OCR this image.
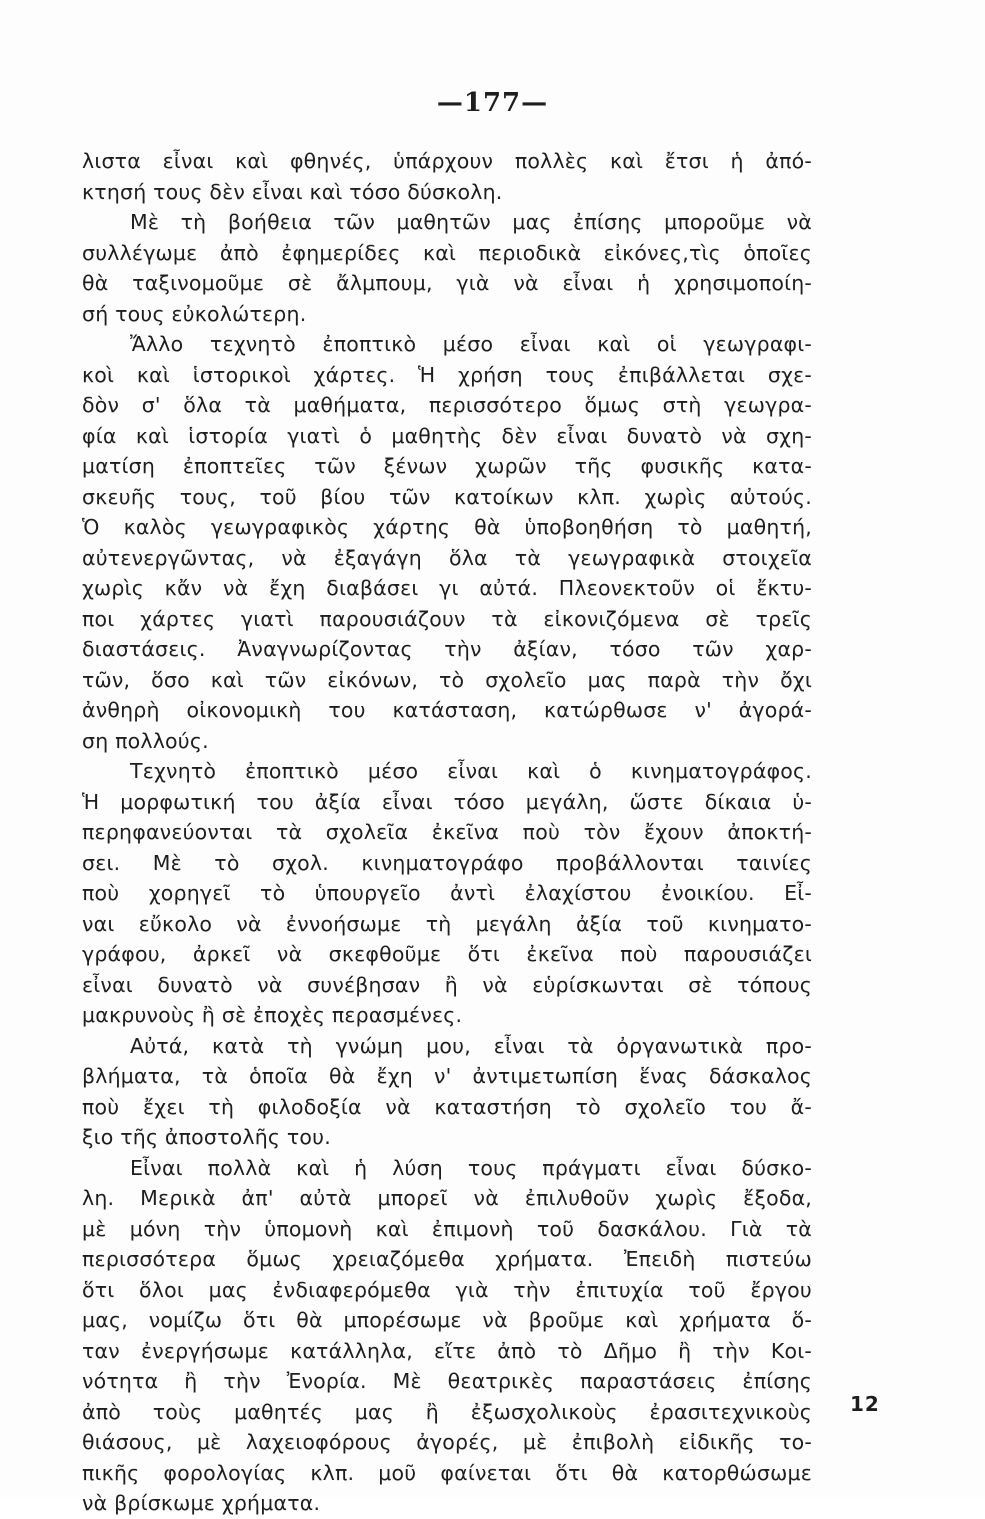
—177—
λιστα εἶναι καὶ φθηνές, ὑπάρχουν πολλὲς καὶ ἔτσι ἡ ἀπό-
κτησή τους δὲν εἶναι καὶ τόσο δύσκολη.
Μὲ τὴ βοήθεια τῶν μαθητῶν μας ἐπίσης μποροῦμε νὰ
συλλέγωμε ἀπὸ ἐφημερίδες καὶ περιοδικὰ εἰκόνες,τὶς ὁποῖες
θὰ ταξινομοῦμε σὲ ἄλμπουμ, γιὰ νὰ εἶναι ἡ χρησιμοποίη-
σή τους εὐκολώτερη.
Ἄλλο τεχνητὸ ἐποπτικὸ μέσο εἶναι καὶ οἱ γεωγραφι-
κοὶ καὶ ἱστορικοὶ χάρτες. Ἡ χρήση τους ἐπιβάλλεται σχε-
δὸν σ' ὅλα τὰ μαθήματα, περισσότερο ὅμως στὴ γεωγρα-
φία καὶ ἱστορία γιατὶ ὁ μαθητὴς δὲν εἶναι δυνατὸ νὰ σχη-
ματίση ἐποπτεῖες τῶν ξένων χωρῶν τῆς φυσικῆς κατα-
σκευῆς τους, τοῦ βίου τῶν κατοίκων κλπ. χωρὶς αὐτούς.
Ὁ καλὸς γεωγραφικὸς χάρτης θὰ ὑποβοηθήση τὸ μαθητή,
αὐτενεργῶντας, νὰ ἐξαγάγη ὅλα τὰ γεωγραφικὰ στοιχεῖα
χωρὶς κἄν νὰ ἔχη διαβάσει γι αὐτά. Πλεονεκτοῦν οἱ ἔκτυ-
ποι χάρτες γιατὶ παρουσιάζουν τὰ εἰκονιζόμενα σὲ τρεῖς
διαστάσεις. Ἀναγνωρίζοντας τὴν ἀξίαν, τόσο τῶν χαρ-
τῶν, ὅσο καὶ τῶν εἰκόνων, τὸ σχολεῖο μας παρὰ τὴν ὄχι
ἀνθηρὴ οἰκονομικὴ του κατάσταση, κατώρθωσε ν' ἀγορά-
ση πολλούς.
Τεχνητὸ ἐποπτικὸ μέσο εἶναι καὶ ὁ κινηματογράφος.
Ἡ μορφωτική του ἀξία εἶναι τόσο μεγάλη, ὥστε δίκαια ὑ-
περηφανεύονται τὰ σχολεῖα ἐκεῖνα ποὺ τὸν ἔχουν ἀποκτή-
σει. Μὲ τὸ σχολ. κινηματογράφο προβάλλονται ταινίες
ποὺ χορηγεῖ τὸ ὑπουργεῖο ἀντὶ ἐλαχίστου ἐνοικίου. Εἶ-
ναι εὔκολο νὰ ἐννοήσωμε τὴ μεγάλη ἀξία τοῦ κινηματο-
γράφου, ἀρκεῖ νὰ σκεφθοῦμε ὅτι ἐκεῖνα ποὺ παρουσιάζει
εἶναι δυνατὸ νὰ συνέβησαν ἢ νὰ εὑρίσκωνται σὲ τόπους
μακρυνοὺς ἢ σὲ ἐποχὲς περασμένες.
Αὐτά, κατὰ τὴ γνώμη μου, εἶναι τὰ ὀργανωτικὰ προ-
βλήματα, τὰ ὁποῖα θὰ ἔχη ν' ἀντιμετωπίση ἕνας δάσκαλος
ποὺ ἔχει τὴ φιλοδοξία νὰ καταστήση τὸ σχολεῖο του ἄ-
ξιο τῆς ἀποστολῆς του.
Εἶναι πολλὰ καὶ ἡ λύση τους πράγματι εἶναι δύσκο-
λη. Μερικὰ ἀπ' αὐτὰ μπορεῖ νὰ ἐπιλυθοῦν χωρὶς ἔξοδα,
μὲ μόνη τὴν ὑπομονὴ καὶ ἐπιμονὴ τοῦ δασκάλου. Γιὰ τὰ
περισσότερα ὅμως χρειαζόμεθα χρήματα. Ἐπειδὴ πιστεύω
ὅτι ὅλοι μας ἐνδιαφερόμεθα γιὰ τὴν ἐπιτυχία τοῦ ἔργου
μας, νομίζω ὅτι θὰ μπορέσωμε νὰ βροῦμε καὶ χρήματα ὅ-
ταν ἐνεργήσωμε κατάλληλα, εἴτε ἀπὸ τὸ Δῆμο ἢ τὴν Κοι-
νότητα ἢ τὴν Ἐνορία. Μὲ θεατρικὲς παραστάσεις ἐπίσης
ἀπὸ τοὺς μαθητές μας ἢ ἐξωσχολικοὺς ἐρασιτεχνικοὺς
θιάσους, μὲ λαχειοφόρους ἀγορές, μὲ ἐπιβολὴ εἰδικῆς το-
πικῆς φορολογίας κλπ. μοῦ φαίνεται ὅτι θὰ κατορθώσωμε
νὰ βρίσκωμε χρήματα.
12
